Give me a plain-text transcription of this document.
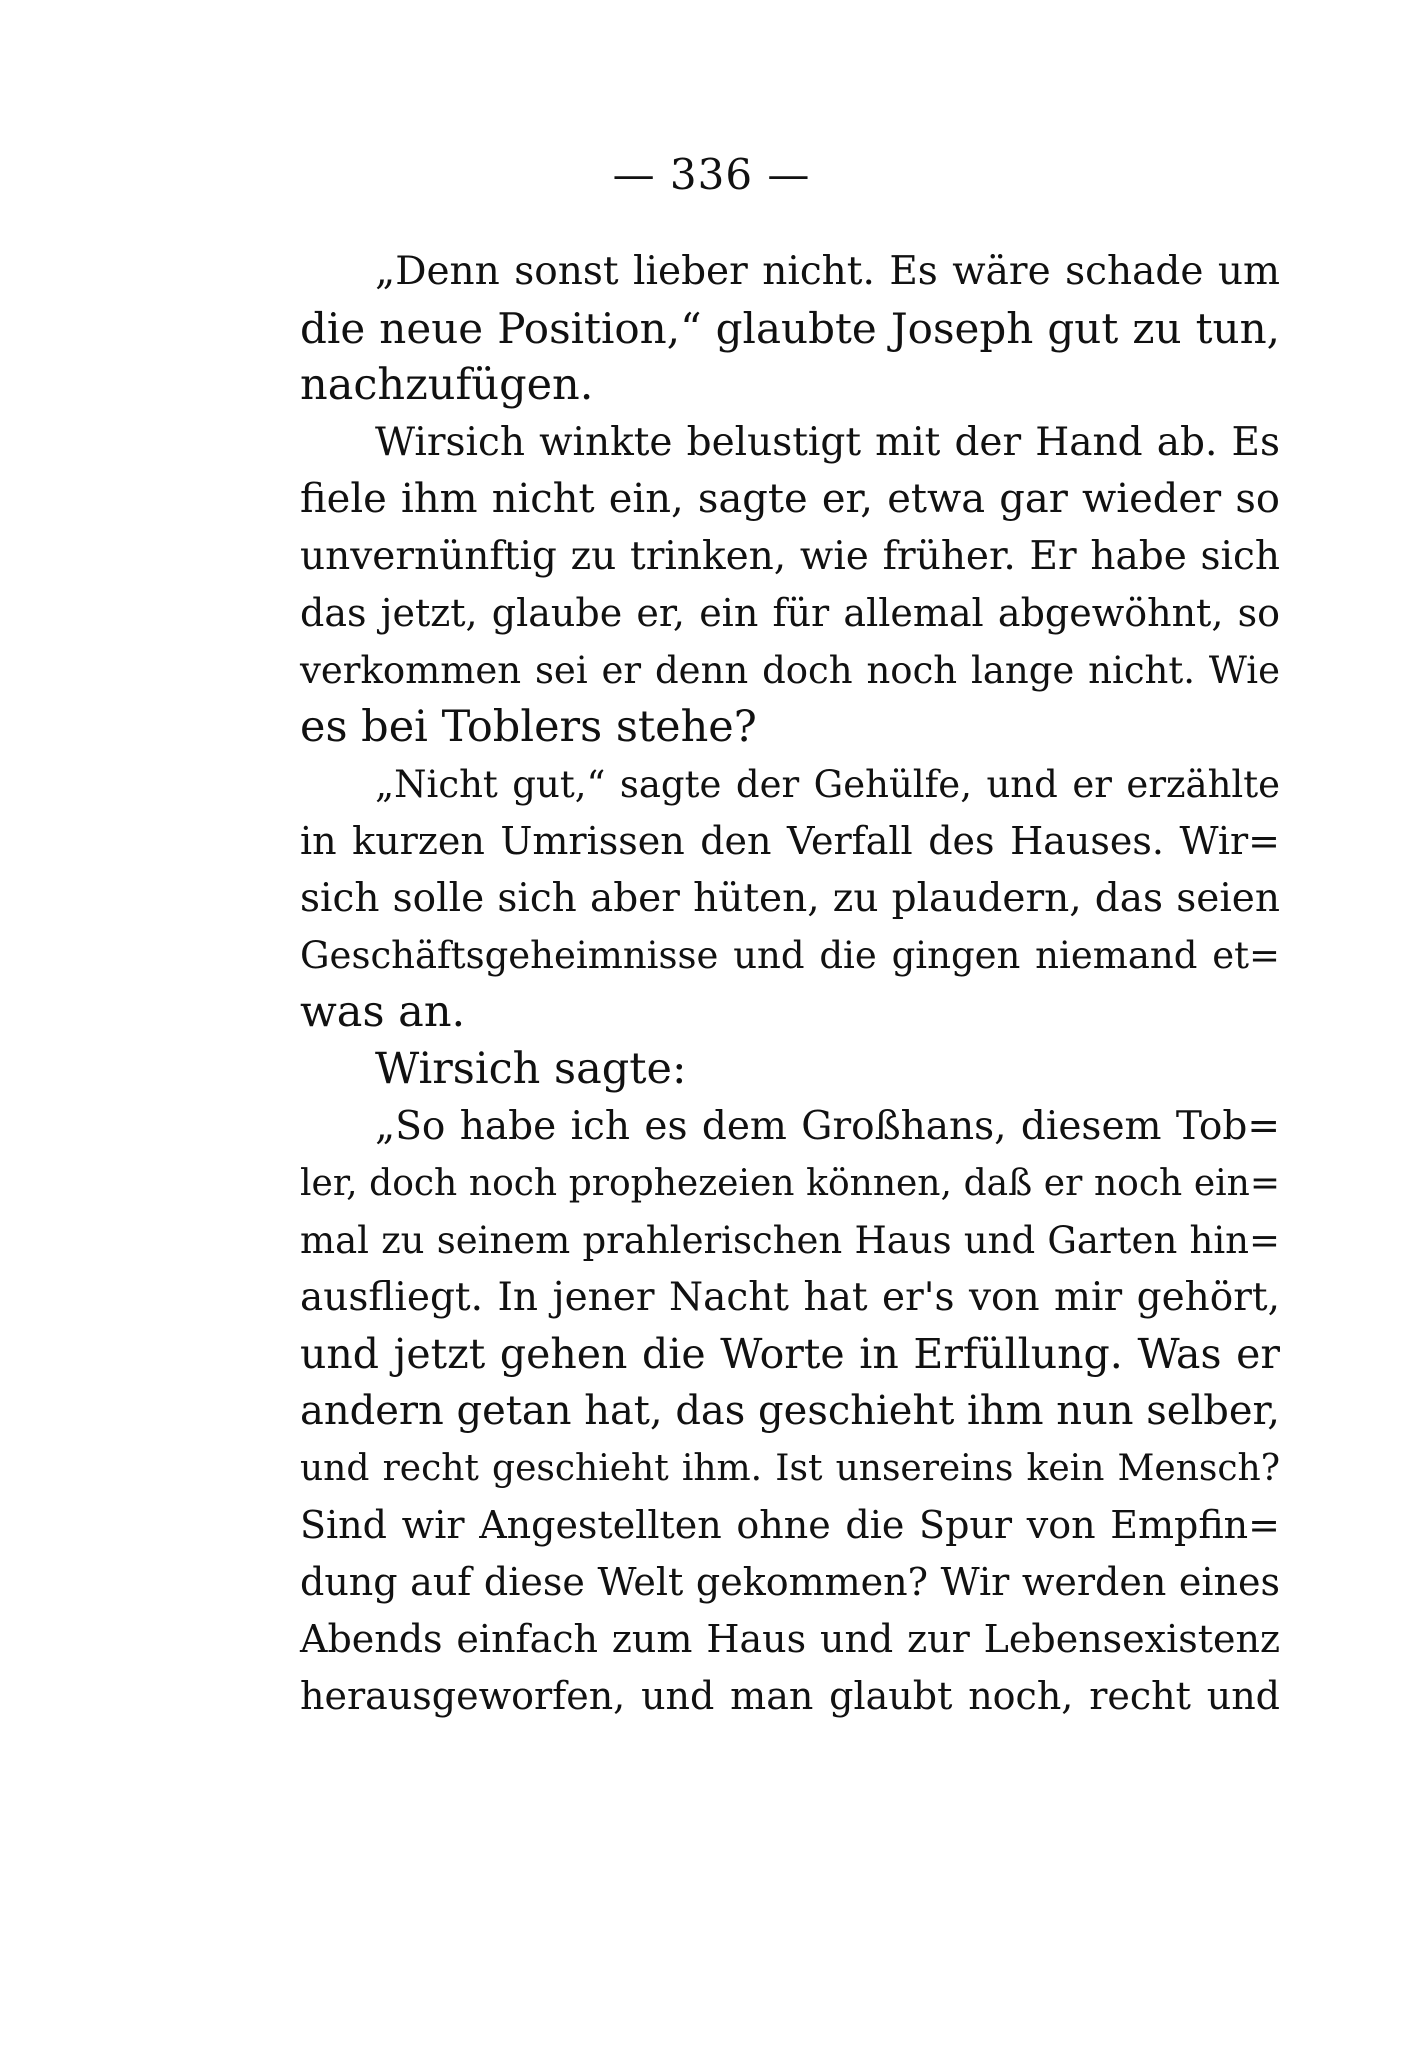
— 336 —
„Denn sonst lieber nicht. Es wäre schade um
die neue Position,“ glaubte Joseph gut zu tun,
nachzufügen.
Wirsich winkte belustigt mit der Hand ab. Es
fiele ihm nicht ein, sagte er, etwa gar wieder so
unvernünftig zu trinken, wie früher. Er habe sich
das jetzt, glaube er, ein für allemal abgewöhnt, so
verkommen sei er denn doch noch lange nicht. Wie
es bei Toblers stehe?
„Nicht gut,“ sagte der Gehülfe, und er erzählte
in kurzen Umrissen den Verfall des Hauses. Wir=
sich solle sich aber hüten, zu plaudern, das seien
Geschäftsgeheimnisse und die gingen niemand et=
was an.
Wirsich sagte:
„So habe ich es dem Großhans, diesem Tob=
ler, doch noch prophezeien können, daß er noch ein=
mal zu seinem prahlerischen Haus und Garten hin=
ausfliegt. In jener Nacht hat er's von mir gehört,
und jetzt gehen die Worte in Erfüllung. Was er
andern getan hat, das geschieht ihm nun selber,
und recht geschieht ihm. Ist unsereins kein Mensch?
Sind wir Angestellten ohne die Spur von Empfin=
dung auf diese Welt gekommen? Wir werden eines
Abends einfach zum Haus und zur Lebensexistenz
herausgeworfen, und man glaubt noch, recht und
